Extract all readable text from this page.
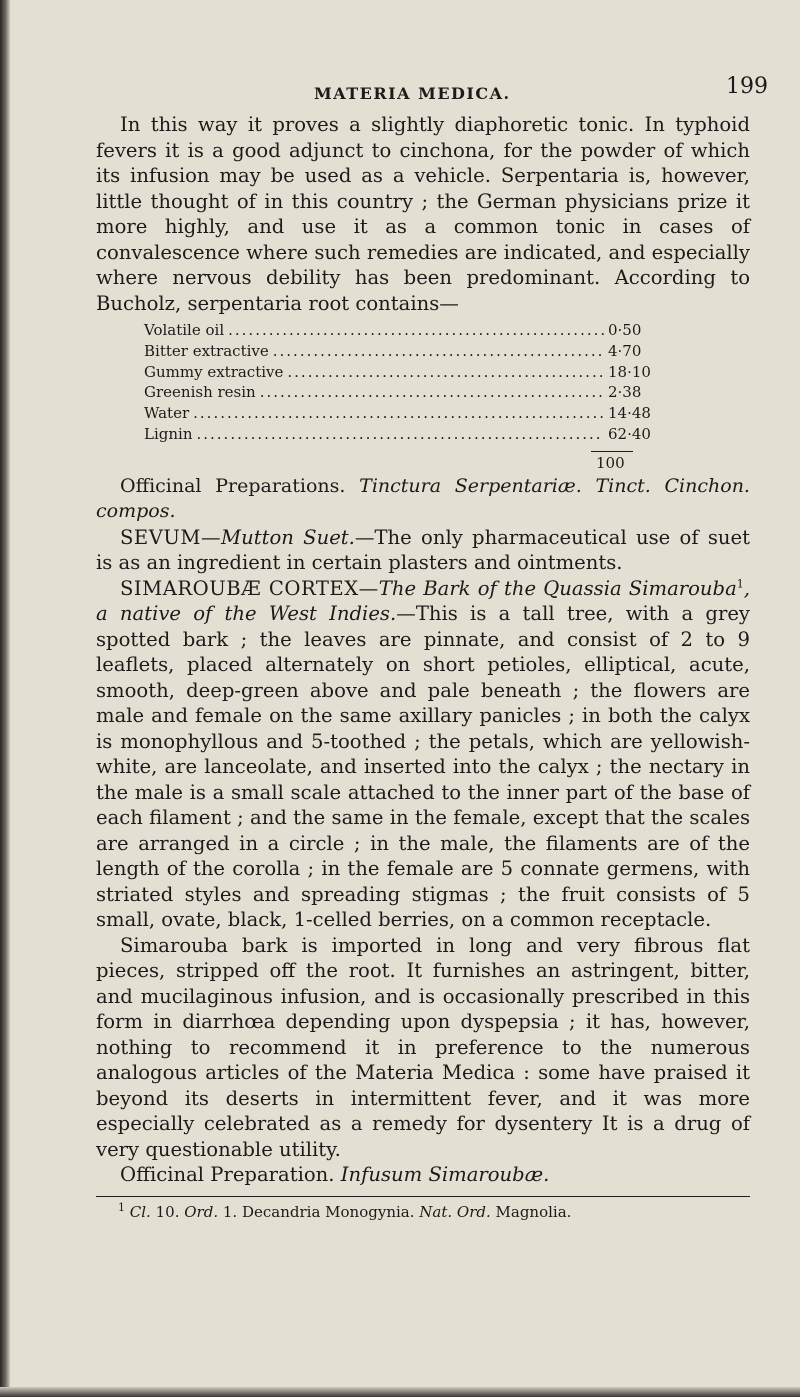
MATERIA MEDICA.	199

In this way it proves a slightly diaphoretic tonic. In typhoid fevers it is a good adjunct to cinchona, for the powder of which its infusion may be used as a vehicle. Serpentaria is, however, little thought of in this country ; the German physicians prize it more highly, and use it as a common tonic in cases of convalescence where such remedies are indicated, and especially where nervous debility has been predominant. According to Bucholz, serpentaria root contains—

Volatile oil .....	0·50
Bitter extractive .....	4·70
Gummy extractive .....	18·10
Greenish resin .....	2·38
Water .....	14·48
Lignin .....	62·40
100

Officinal Preparations. Tinctura Serpentariæ. Tinct. Cinchon. compos.

SEVUM—Mutton Suet.—The only pharmaceutical use of suet is as an ingredient in certain plasters and ointments.

SIMAROUBÆ CORTEX—The Bark of the Quassia Simarouba$^1$, a native of the West Indies.—This is a tall tree, with a grey spotted bark ; the leaves are pinnate, and consist of 2 to 9 leaflets, placed alternately on short petioles, elliptical, acute, smooth, deep-green above and pale beneath ; the flowers are male and female on the same axillary panicles ; in both the calyx is monophyllous and 5-toothed ; the petals, which are yellowish-white, are lanceolate, and inserted into the calyx ; the nectary in the male is a small scale attached to the inner part of the base of each filament ; and the same in the female, except that the scales are arranged in a circle ; in the male, the filaments are of the length of the corolla ; in the female are 5 connate germens, with striated styles and spreading stigmas ; the fruit consists of 5 small, ovate, black, 1-celled berries, on a common receptacle.

Simarouba bark is imported in long and very fibrous flat pieces, stripped off the root. It furnishes an astringent, bitter, and mucilaginous infusion, and is occasionally prescribed in this form in diarrhœa depending upon dyspepsia ; it has, however, nothing to recommend it in preference to the numerous analogous articles of the Materia Medica : some have praised it beyond its deserts in intermittent fever, and it was more especially celebrated as a remedy for dysentery It is a drug of very questionable utility.

Officinal Preparation. Infusum Simaroubæ.

$^1$ Cl. 10. Ord. 1. Decandria Monogynia. Nat. Ord. Magnolia.
